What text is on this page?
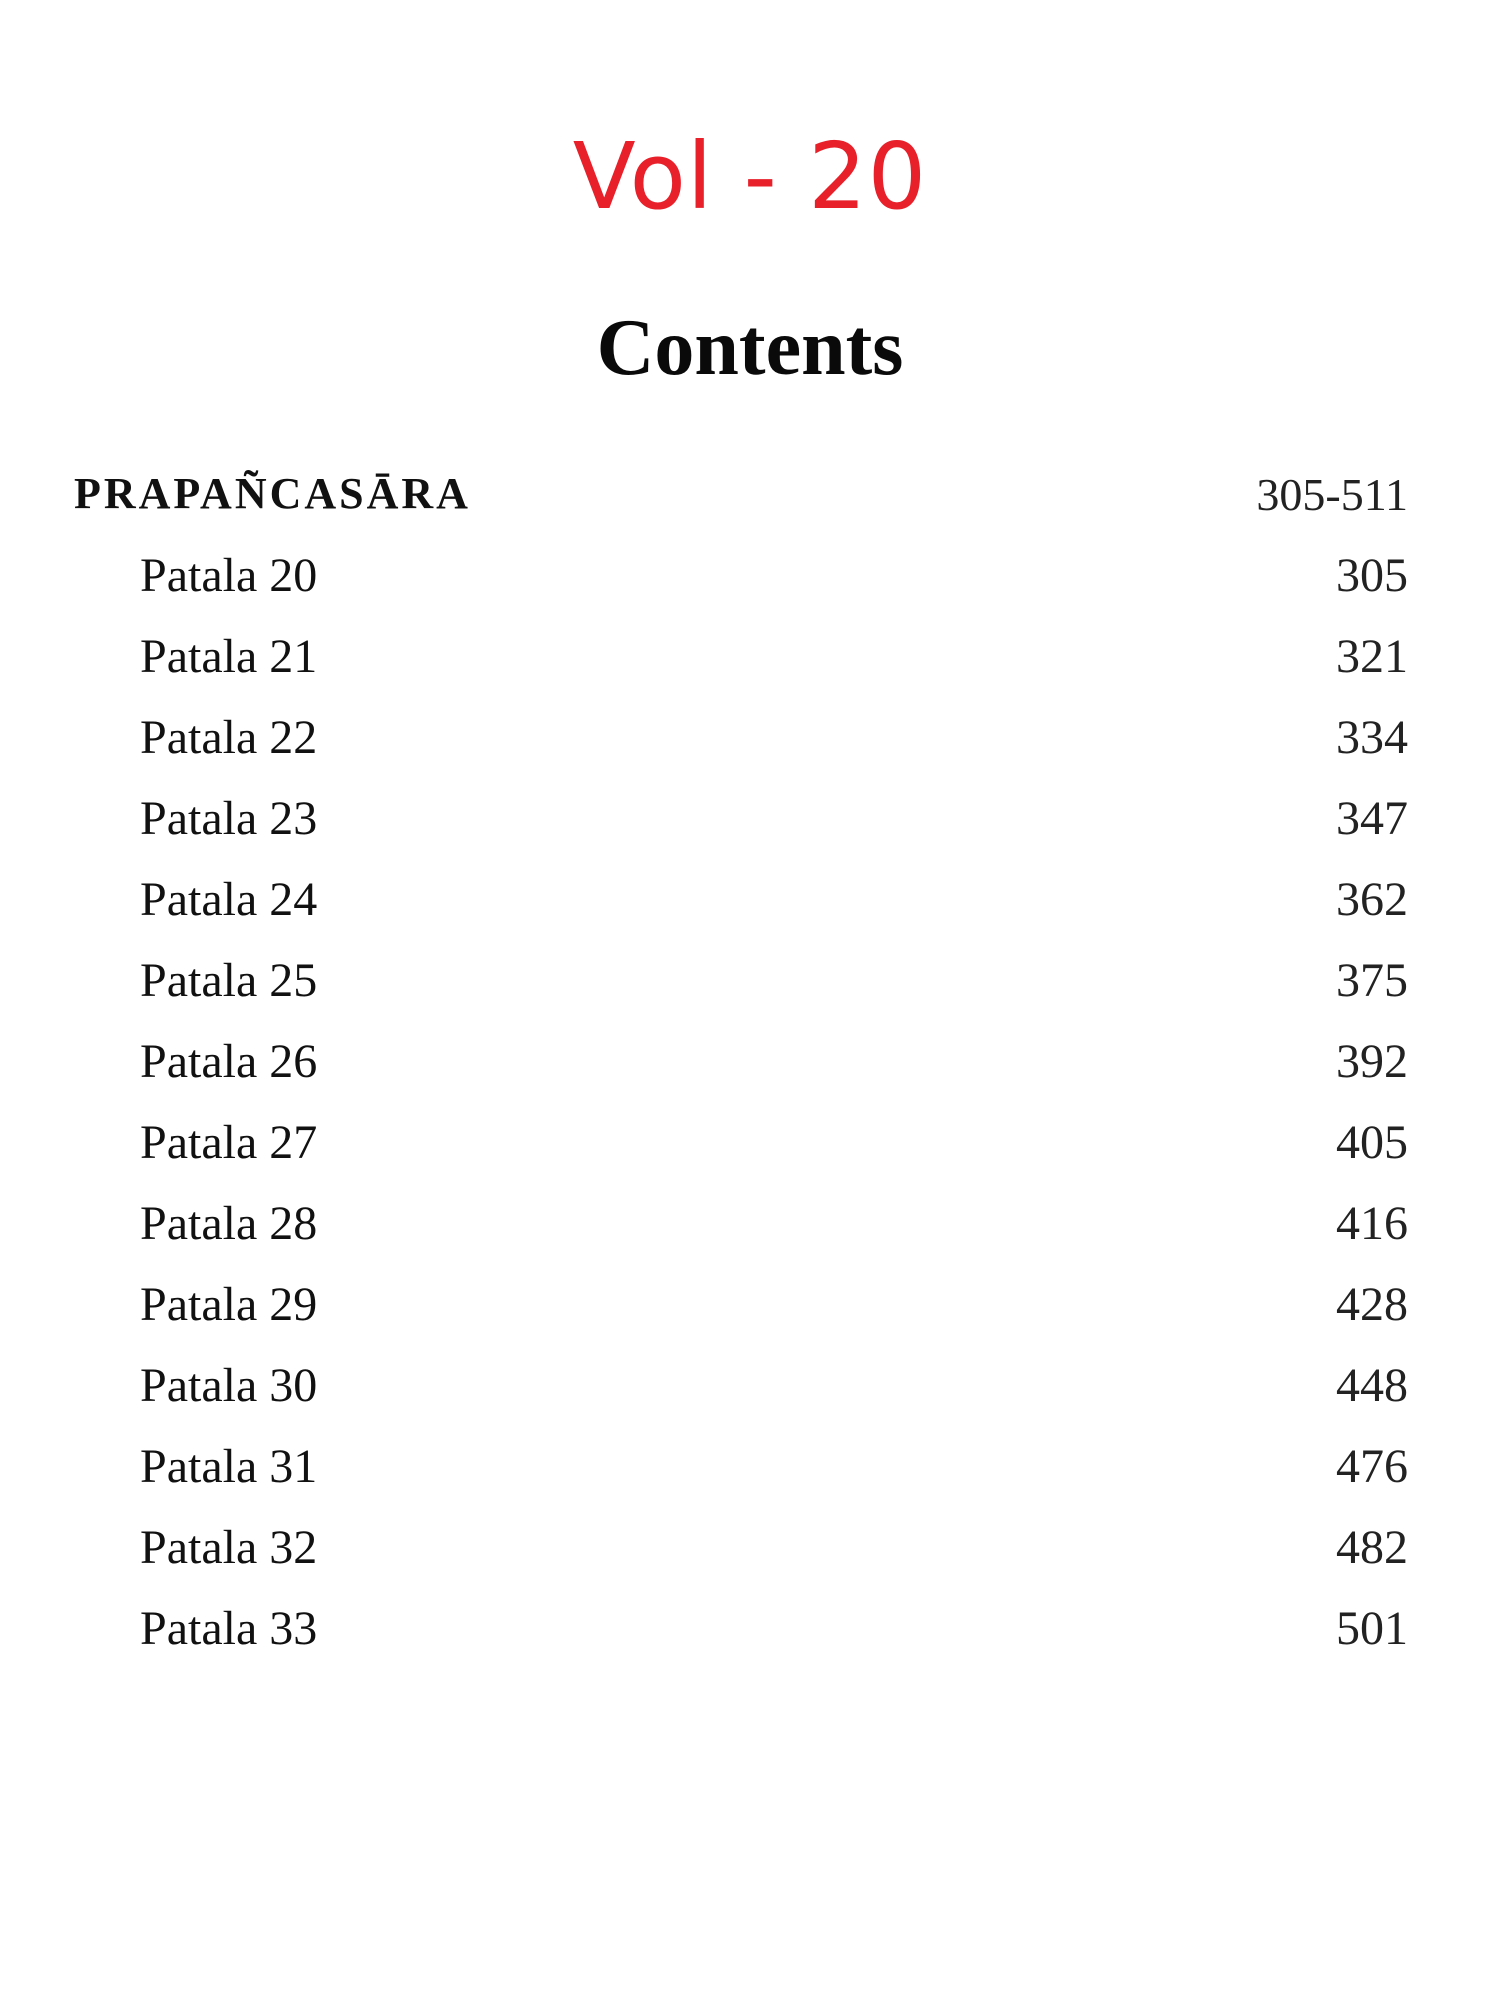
Vol - 20
Contents
PRAPAÑCASĀRA	305-511
Patala 20	305
Patala 21	321
Patala 22	334
Patala 23	347
Patala 24	362
Patala 25	375
Patala 26	392
Patala 27	405
Patala 28	416
Patala 29	428
Patala 30	448
Patala 31	476
Patala 32	482
Patala 33	501
